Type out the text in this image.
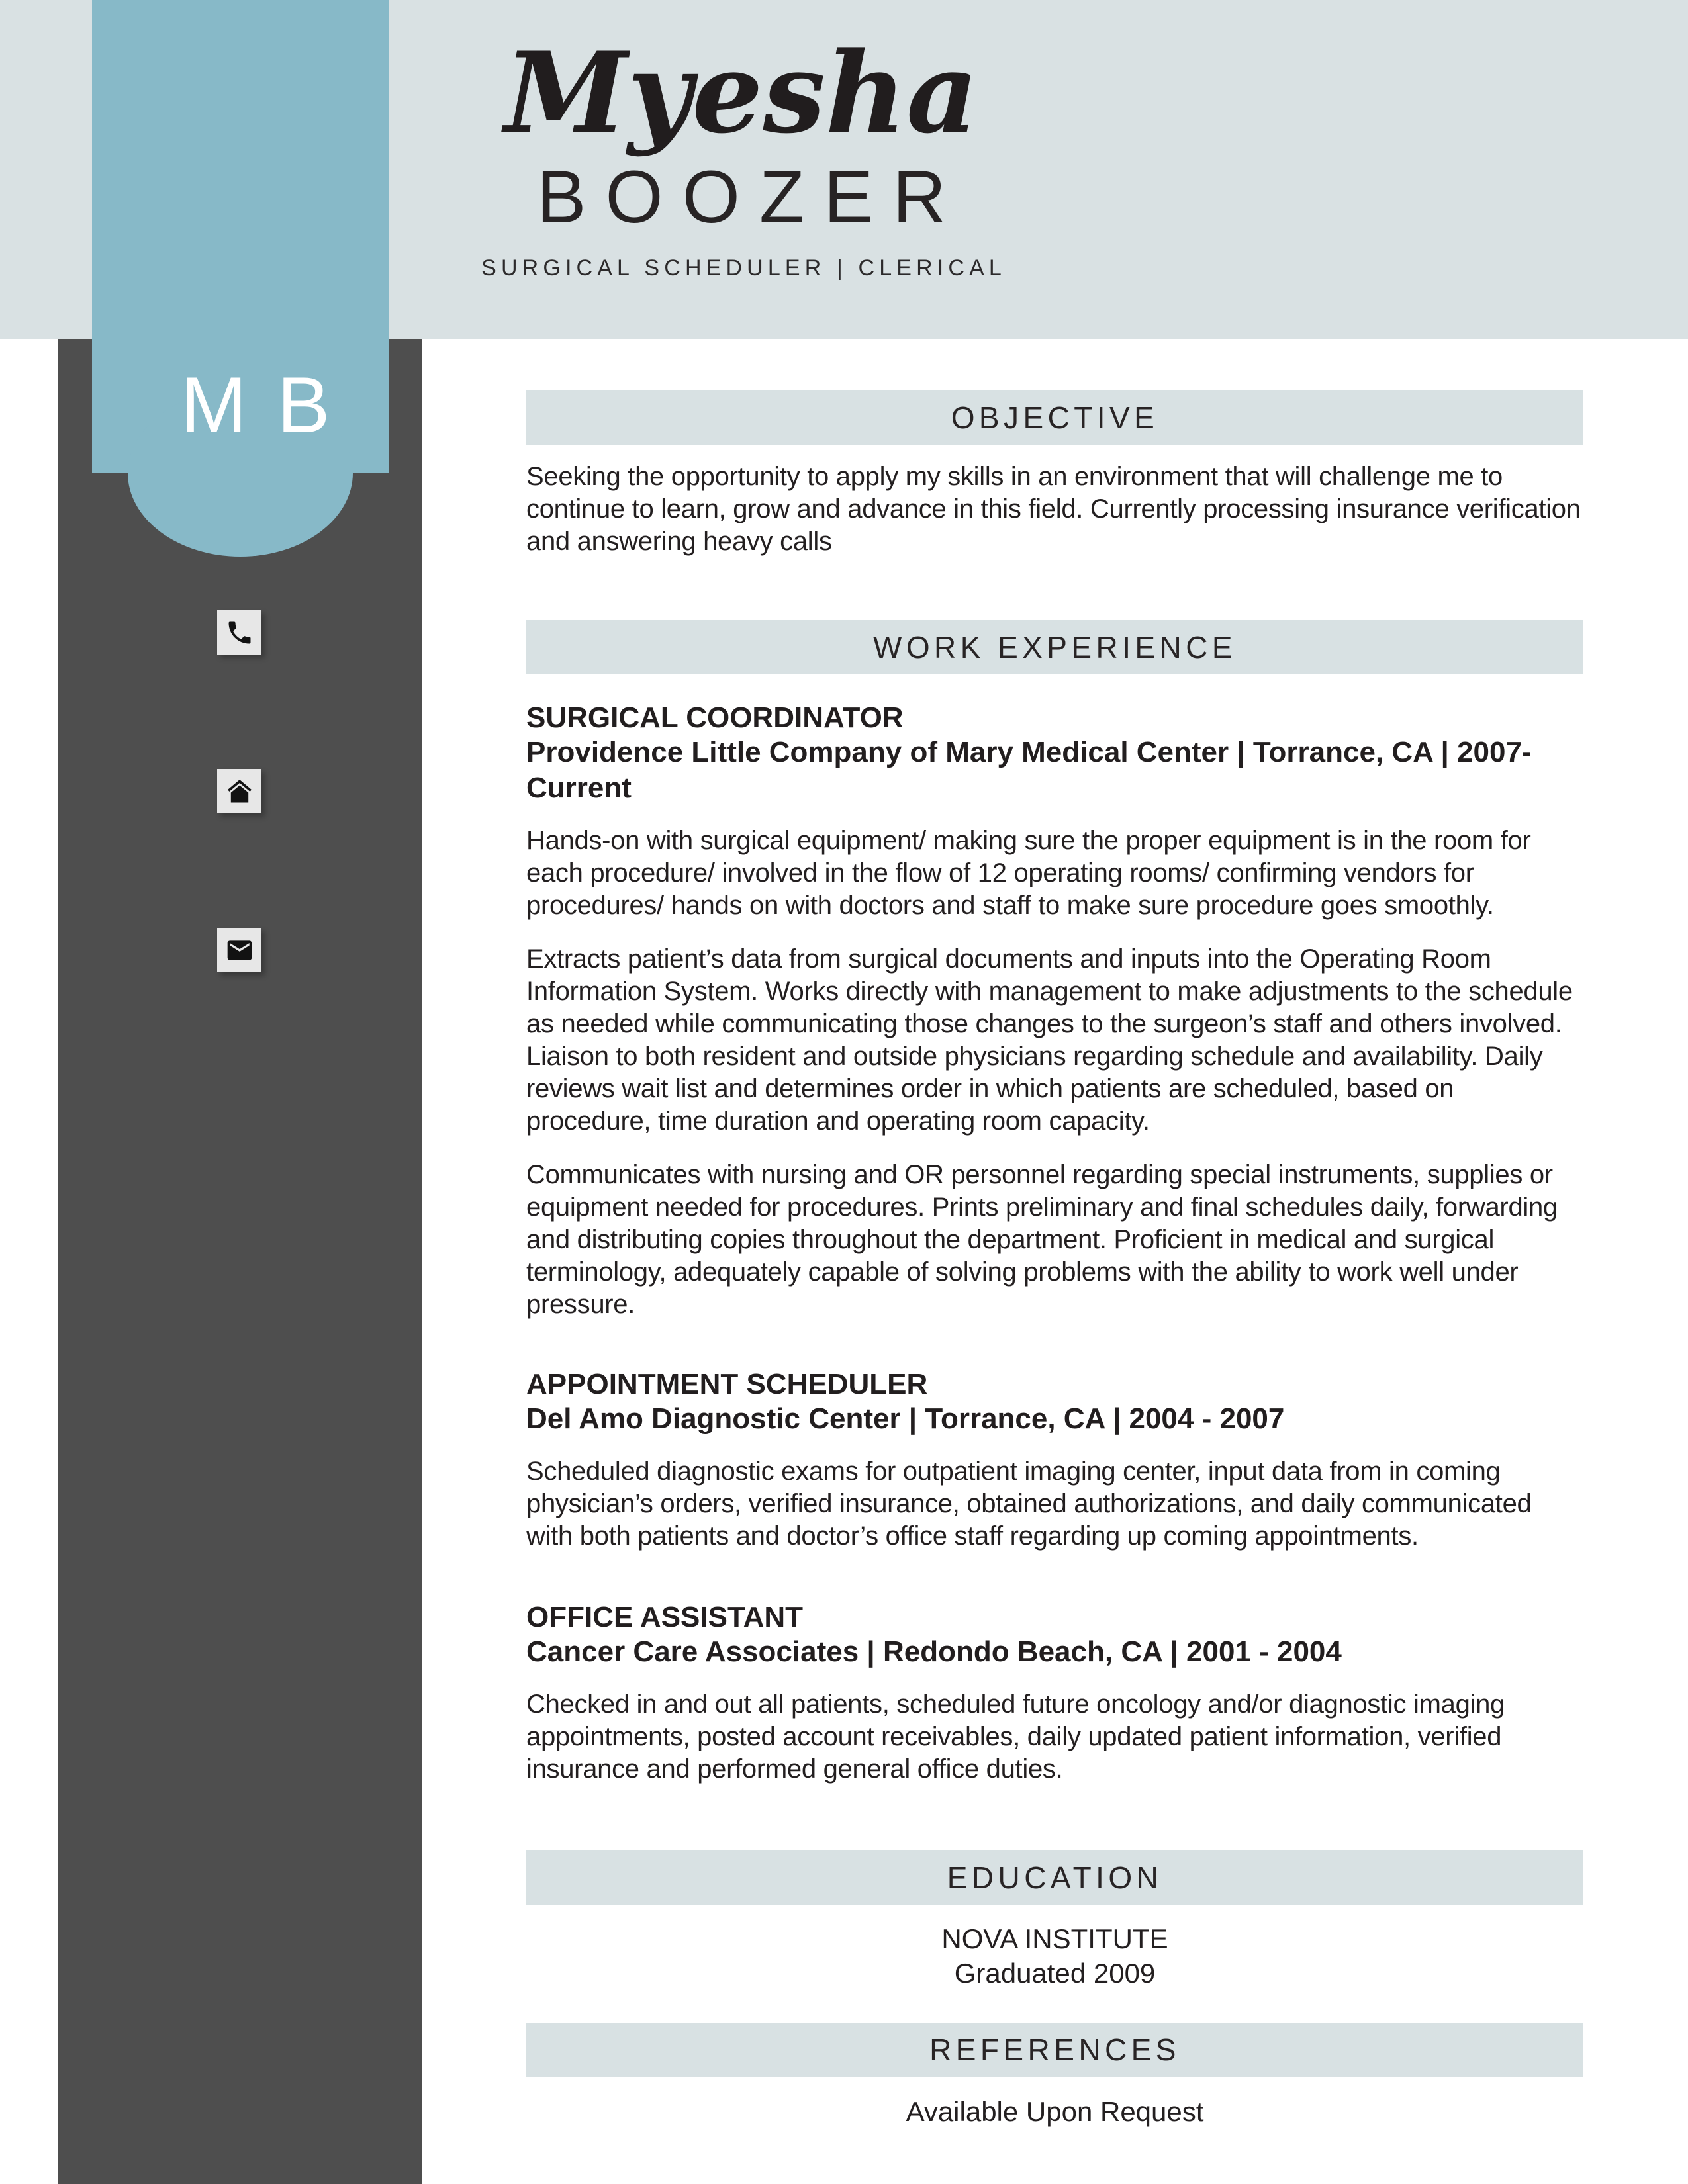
MB
Myesha
BOOZER
SURGICAL SCHEDULER | CLERICAL
OBJECTIVE
Seeking the opportunity to apply my skills in an environment that will challenge me to continue to learn, grow and advance in this field. Currently processing insurance verification and answering heavy calls
WORK EXPERIENCE
SURGICAL COORDINATOR
Providence Little Company of Mary Medical Center | Torrance, CA | 2007- Current
Hands-on with surgical equipment/ making sure the proper equipment is in the room for each procedure/ involved in the flow of 12 operating rooms/ confirming vendors for procedures/ hands on with doctors and staff to make sure procedure goes smoothly.
Extracts patient’s data from surgical documents and inputs into the Operating Room Information System. Works directly with management to make adjustments to the schedule as needed while communicating those changes to the surgeon’s staff and others involved. Liaison to both resident and outside physicians regarding schedule and availability. Daily reviews wait list and determines order in which patients are scheduled, based on procedure, time duration and operating room capacity.
Communicates with nursing and OR personnel regarding special instruments, supplies or equipment needed for procedures. Prints preliminary and final schedules daily, forwarding and distributing copies throughout the department. Proficient in medical and surgical terminology, adequately capable of solving problems with the ability to work well under pressure.
APPOINTMENT SCHEDULER
Del Amo Diagnostic Center | Torrance, CA | 2004 - 2007
Scheduled diagnostic exams for outpatient imaging center, input data from in coming physician’s orders, verified insurance, obtained authorizations, and daily communicated with both patients and doctor’s office staff regarding up coming appointments.
OFFICE ASSISTANT
Cancer Care Associates | Redondo Beach, CA | 2001 - 2004
Checked in and out all patients, scheduled future oncology and/or diagnostic imaging appointments, posted account receivables, daily updated patient information, verified insurance and performed general office duties.
EDUCATION
NOVA INSTITUTE
Graduated 2009
REFERENCES
Available Upon Request
